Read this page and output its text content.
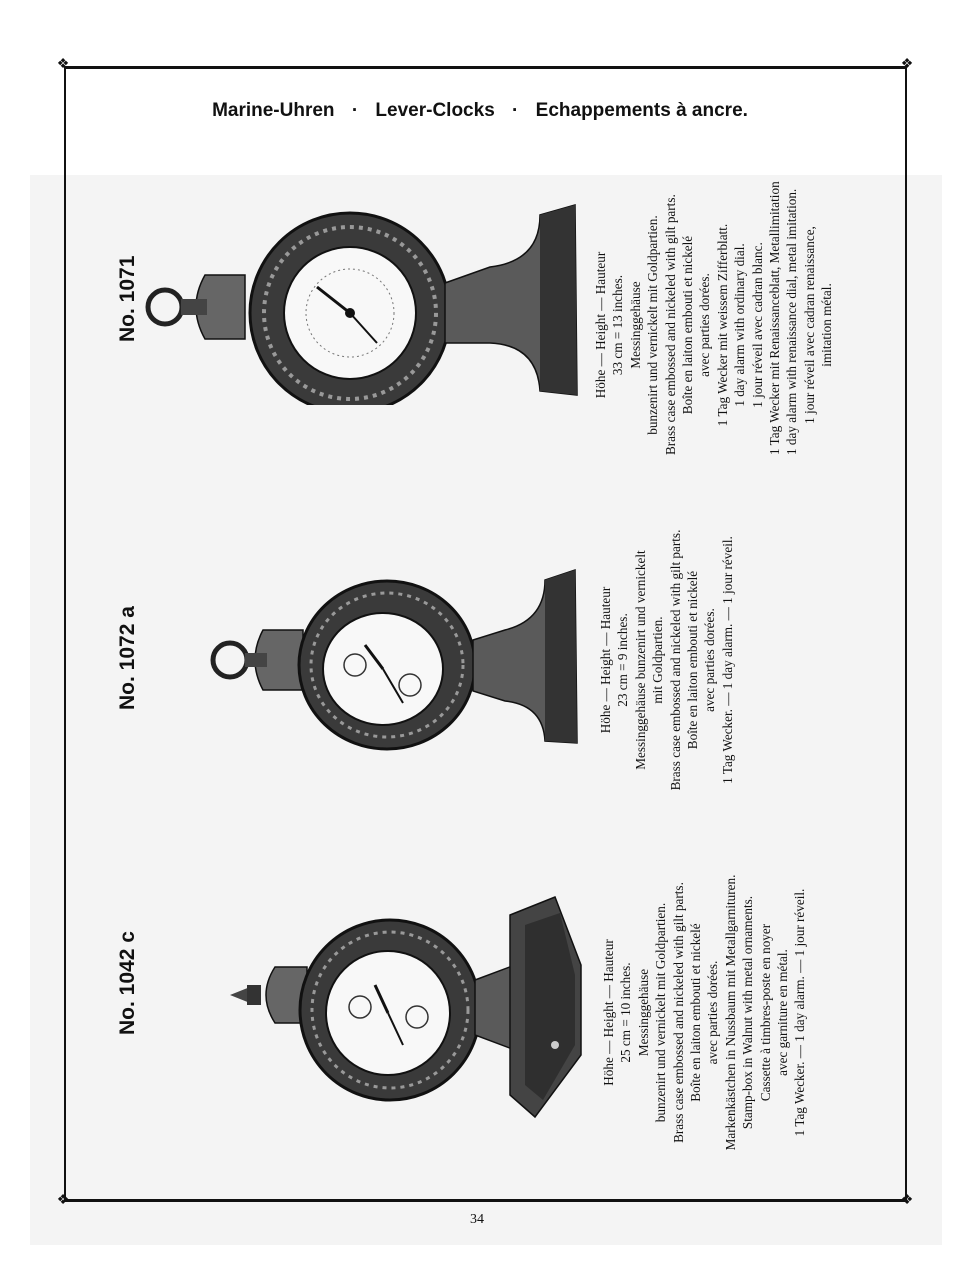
❖	❖
❖	❖
Marine-Uhren · Lever-Clocks · Echappements à ancre.
No. 1071	Höhe — Height — Hauteur 33 cm = 13 inches. Messinggehäuse bunzenirt und vernickelt mit Goldpartien. Brass case embossed and nickeled with gilt parts. Boîte en laiton embouti et nickelé avec parties dorées. 1 Tag Wecker mit weissem Zifferblatt. 1 day alarm with ordinary dial. 1 jour réveil avec cadran blanc. 1 Tag Wecker mit Renaissanceblatt, Metallimitation 1 day alarm with renaissance dial, metal imitation. 1 jour réveil avec cadran renaissance, imitation métal.
No. 1072 a	Höhe — Height — Hauteur 23 cm = 9 inches. Messinggehäuse bunzenirt und vernickelt mit Goldpartien. Brass case embossed and nickeled with gilt parts. Boîte en laiton embouti et nickelé avec parties dorées. 1 Tag Wecker. — 1 day alarm. — 1 jour réveil.
No. 1042 c	Höhe — Height — Hauteur 25 cm = 10 inches. Messinggehäuse bunzenirt und vernickelt mit Goldpartien. Brass case embossed and nickeled with gilt parts. Boîte en laiton embouti et nickelé avec parties dorées. Markenkästchen in Nussbaum mit Metallgarnituren. Stamp-box in Walnut with metal ornaments. Cassette à timbres-poste en noyer avec garniture en métal. 1 Tag Wecker. — 1 day alarm. — 1 jour réveil.
34
